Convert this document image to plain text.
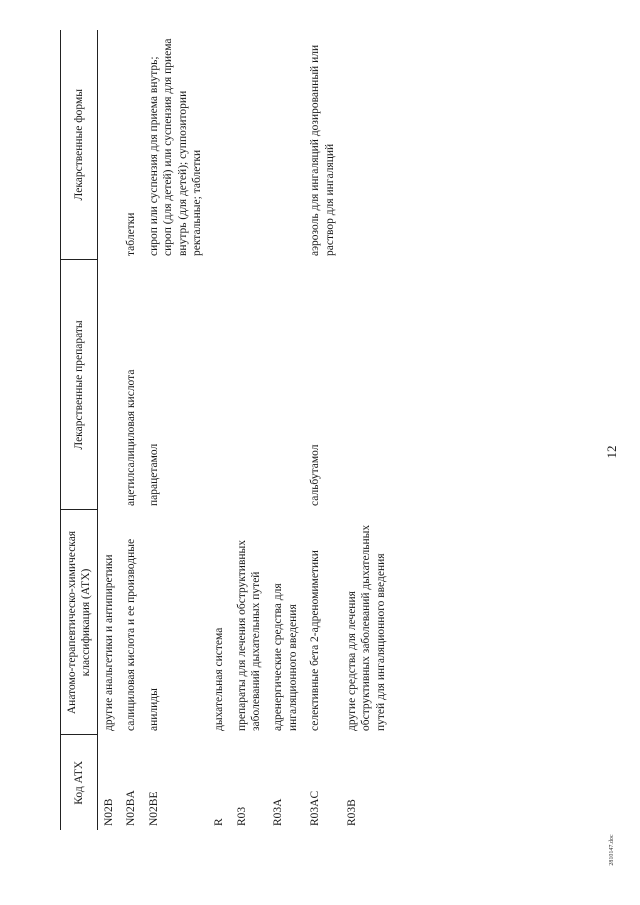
12
Код АТХ	Анатомо-терапевтическо-химическая классификация (АТХ)	Лекарственные препараты	Лекарственные формы
N02B	другие анальгетики и антипиретики		
N02BA	салициловая кислота и ее производные	ацетилсалициловая кислота	таблетки
N02BE	анилиды	парацетамол	сироп или суспензия для приема внутрь; сироп (для детей) или суспензия для приема внутрь (для детей); суппозитории ректальные; таблетки
R	дыхательная система		
R03	препараты для лечения обструктивных заболеваний дыхательных путей		
R03A	адренергические средства для ингаляционного введения		
R03AC	селективные бета 2-адреномиметики	сальбутамол	аэрозоль для ингаляций дозированный или раствор для ингаляций
R03B	другие средства для лечения обструктивных заболеваний дыхательных путей для ингаляционного введения		
2810147.doc
